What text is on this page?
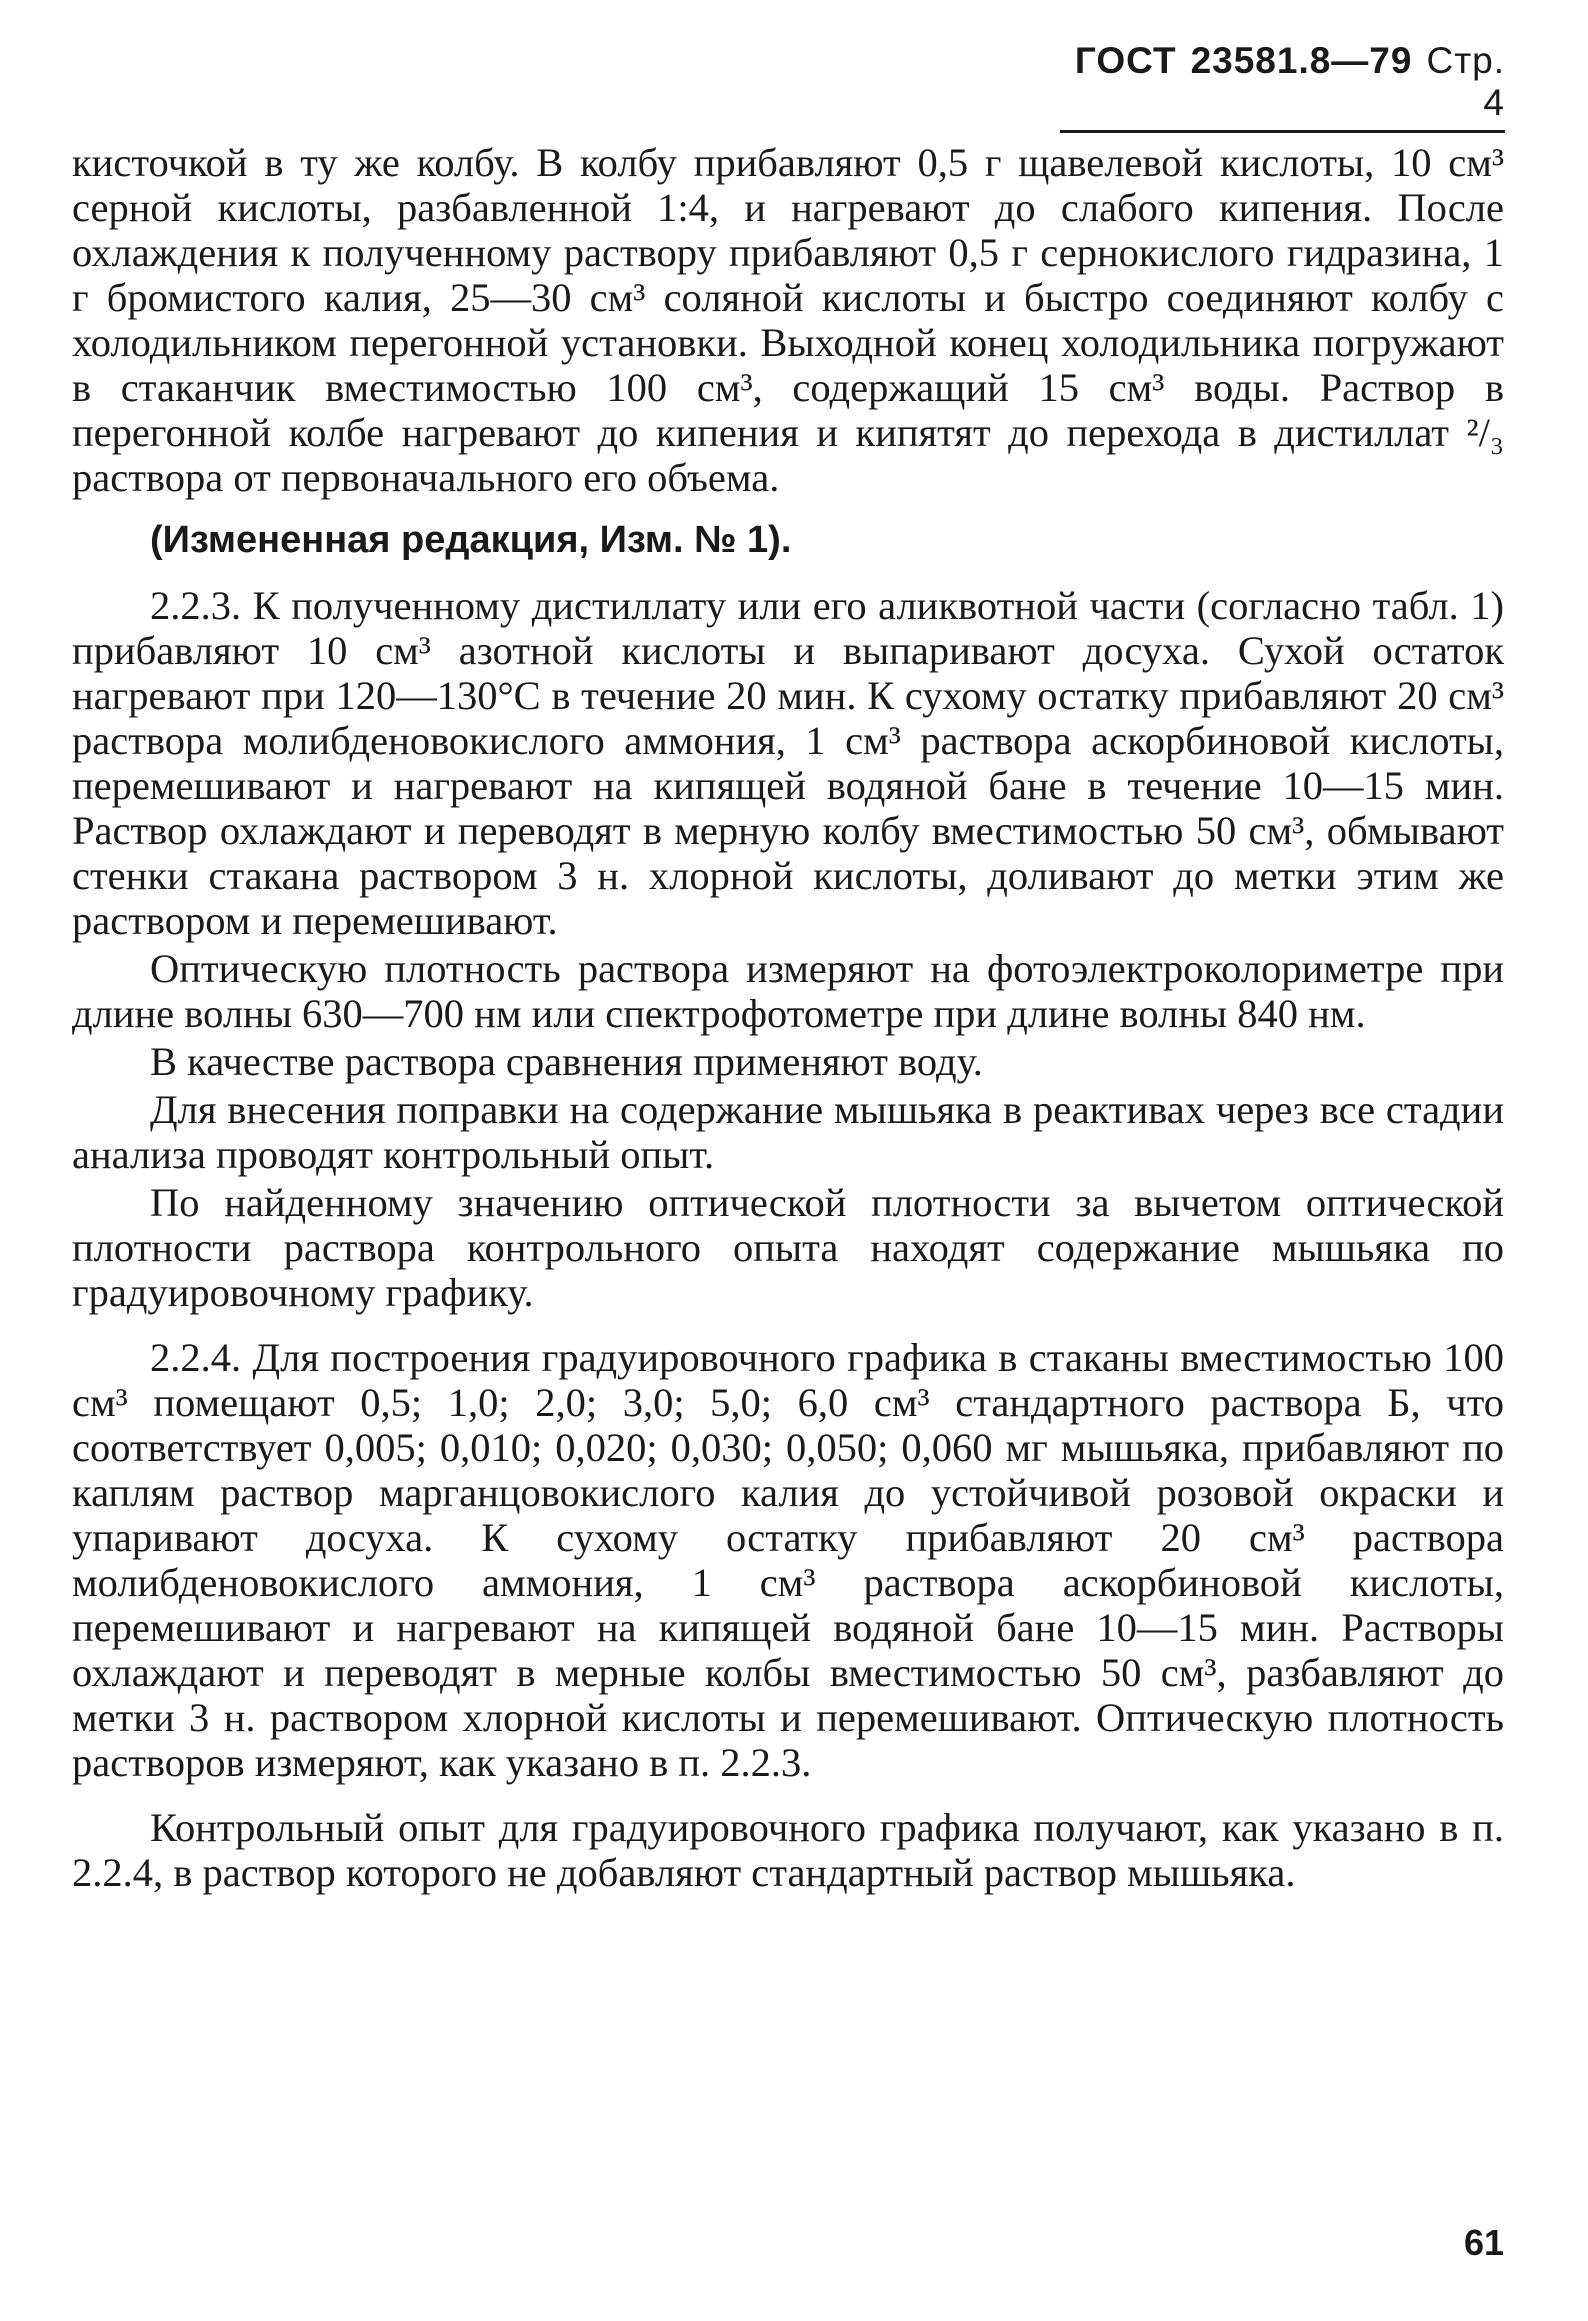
ГОСТ 23581.8—79 Стр. 4

кисточкой в ту же колбу. В колбу прибавляют 0,5 г щавелевой кислоты, 10 см³ серной кислоты, разбавленной 1:4, и нагревают до слабого кипения. После охлаждения к полученному раствору прибавляют 0,5 г сернокислого гидразина, 1 г бромистого калия, 25—30 см³ соляной кислоты и быстро соединяют колбу с холодильником перегонной установки. Выходной конец холодильника погружают в стаканчик вместимостью 100 см³, содержащий 15 см³ воды. Раствор в перегонной колбе нагревают до кипения и кипятят до перехода в дистиллат ²/₃ раствора от первоначального его объема.

(Измененная редакция, Изм. № 1).

2.2.3. К полученному дистиллату или его аликвотной части (согласно табл. 1) прибавляют 10 см³ азотной кислоты и выпаривают досуха. Сухой остаток нагревают при 120—130°С в течение 20 мин. К сухому остатку прибавляют 20 см³ раствора молибденовокислого аммония, 1 см³ раствора аскорбиновой кислоты, перемешивают и нагревают на кипящей водяной бане в течение 10—15 мин. Раствор охлаждают и переводят в мерную колбу вместимостью 50 см³, обмывают стенки стакана раствором 3 н. хлорной кислоты, доливают до метки этим же раствором и перемешивают.

Оптическую плотность раствора измеряют на фотоэлектроколориметре при длине волны 630—700 нм или спектрофотометре при длине волны 840 нм.

В качестве раствора сравнения применяют воду.

Для внесения поправки на содержание мышьяка в реактивах через все стадии анализа проводят контрольный опыт.

По найденному значению оптической плотности за вычетом оптической плотности раствора контрольного опыта находят содержание мышьяка по градуировочному графику.

2.2.4. Для построения градуировочного графика в стаканы вместимостью 100 см³ помещают 0,5; 1,0; 2,0; 3,0; 5,0; 6,0 см³ стандартного раствора Б, что соответствует 0,005; 0,010; 0,020; 0,030; 0,050; 0,060 мг мышьяка, прибавляют по каплям раствор марганцовокислого калия до устойчивой розовой окраски и упаривают досуха. К сухому остатку прибавляют 20 см³ раствора молибденовокислого аммония, 1 см³ раствора аскорбиновой кислоты, перемешивают и нагревают на кипящей водяной бане 10—15 мин. Растворы охлаждают и переводят в мерные колбы вместимостью 50 см³, разбавляют до метки 3 н. раствором хлорной кислоты и перемешивают. Оптическую плотность растворов измеряют, как указано в п. 2.2.3.

Контрольный опыт для градуировочного графика получают, как указано в п. 2.2.4, в раствор которого не добавляют стандартный раствор мышьяка.

61
